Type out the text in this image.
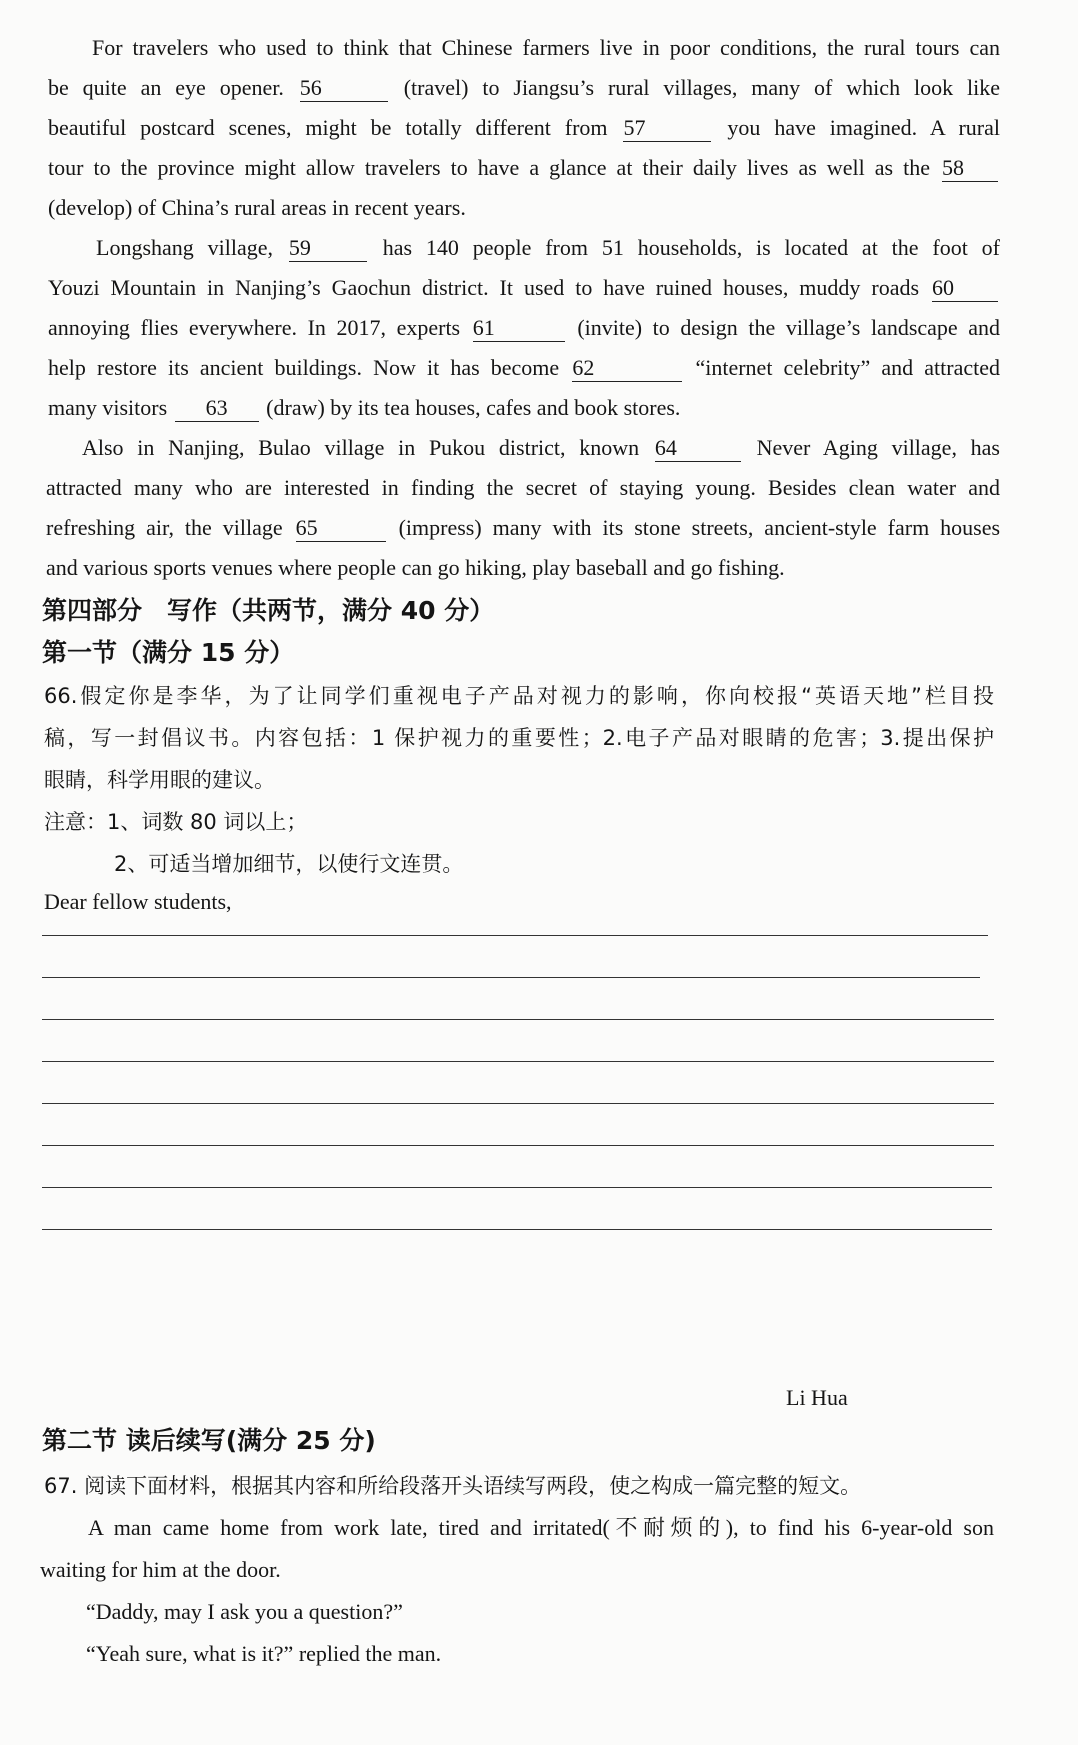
For travelers who used to think that Chinese farmers live in poor conditions, the rural tours can
be quite an eye opener. 56	(travel) to Jiangsu’s rural villages, many of which look like
beautiful postcard scenes, might be totally different from 57	you have imagined. A rural
tour to the province might allow travelers to have a glance at their daily lives as well as the 58
(develop) of China’s rural areas in recent years.
Longshang village, 59	has 140 people from 51 households, is located at the foot of
Youzi Mountain in Nanjing’s Gaochun district. It used to have ruined houses, muddy roads 60
annoying flies everywhere. In 2017, experts 61	(invite) to design the village’s landscape and
help restore its ancient buildings. Now it has become 62	“internet celebrity” and attracted
many visitors 63 (draw) by its tea houses, cafes and book stores.
Also in Nanjing, Bulao village in Pukou district, known 64	Never Aging village, has
attracted many who are interested in finding the secret of staying young. Besides clean water and
refreshing air, the village 65	(impress) many with its stone streets, ancient-style farm houses
and various sports venues where people can go hiking, play baseball and go fishing.
第四部分　写作（共两节，满分 40 分）
第一节（满分 15 分）
66.假定你是李华，为了让同学们重视电子产品对视力的影响，你向校报“英语天地”栏目投
稿，写一封倡议书。内容包括：1 保护视力的重要性；2.电子产品对眼睛的危害；3.提出保护
眼睛，科学用眼的建议。
注意：1、词数 80 词以上；
2、可适当增加细节，以使行文连贯。
Dear fellow students,
Li Hua
第二节 读后续写(满分 25 分)
67. 阅读下面材料，根据其内容和所给段落开头语续写两段，使之构成一篇完整的短文。
A man came home from work late, tired and irritated(不耐烦的), to find his 6-year-old son
waiting for him at the door.
“Daddy, may I ask you a question?”
“Yeah sure, what is it?” replied the man.
